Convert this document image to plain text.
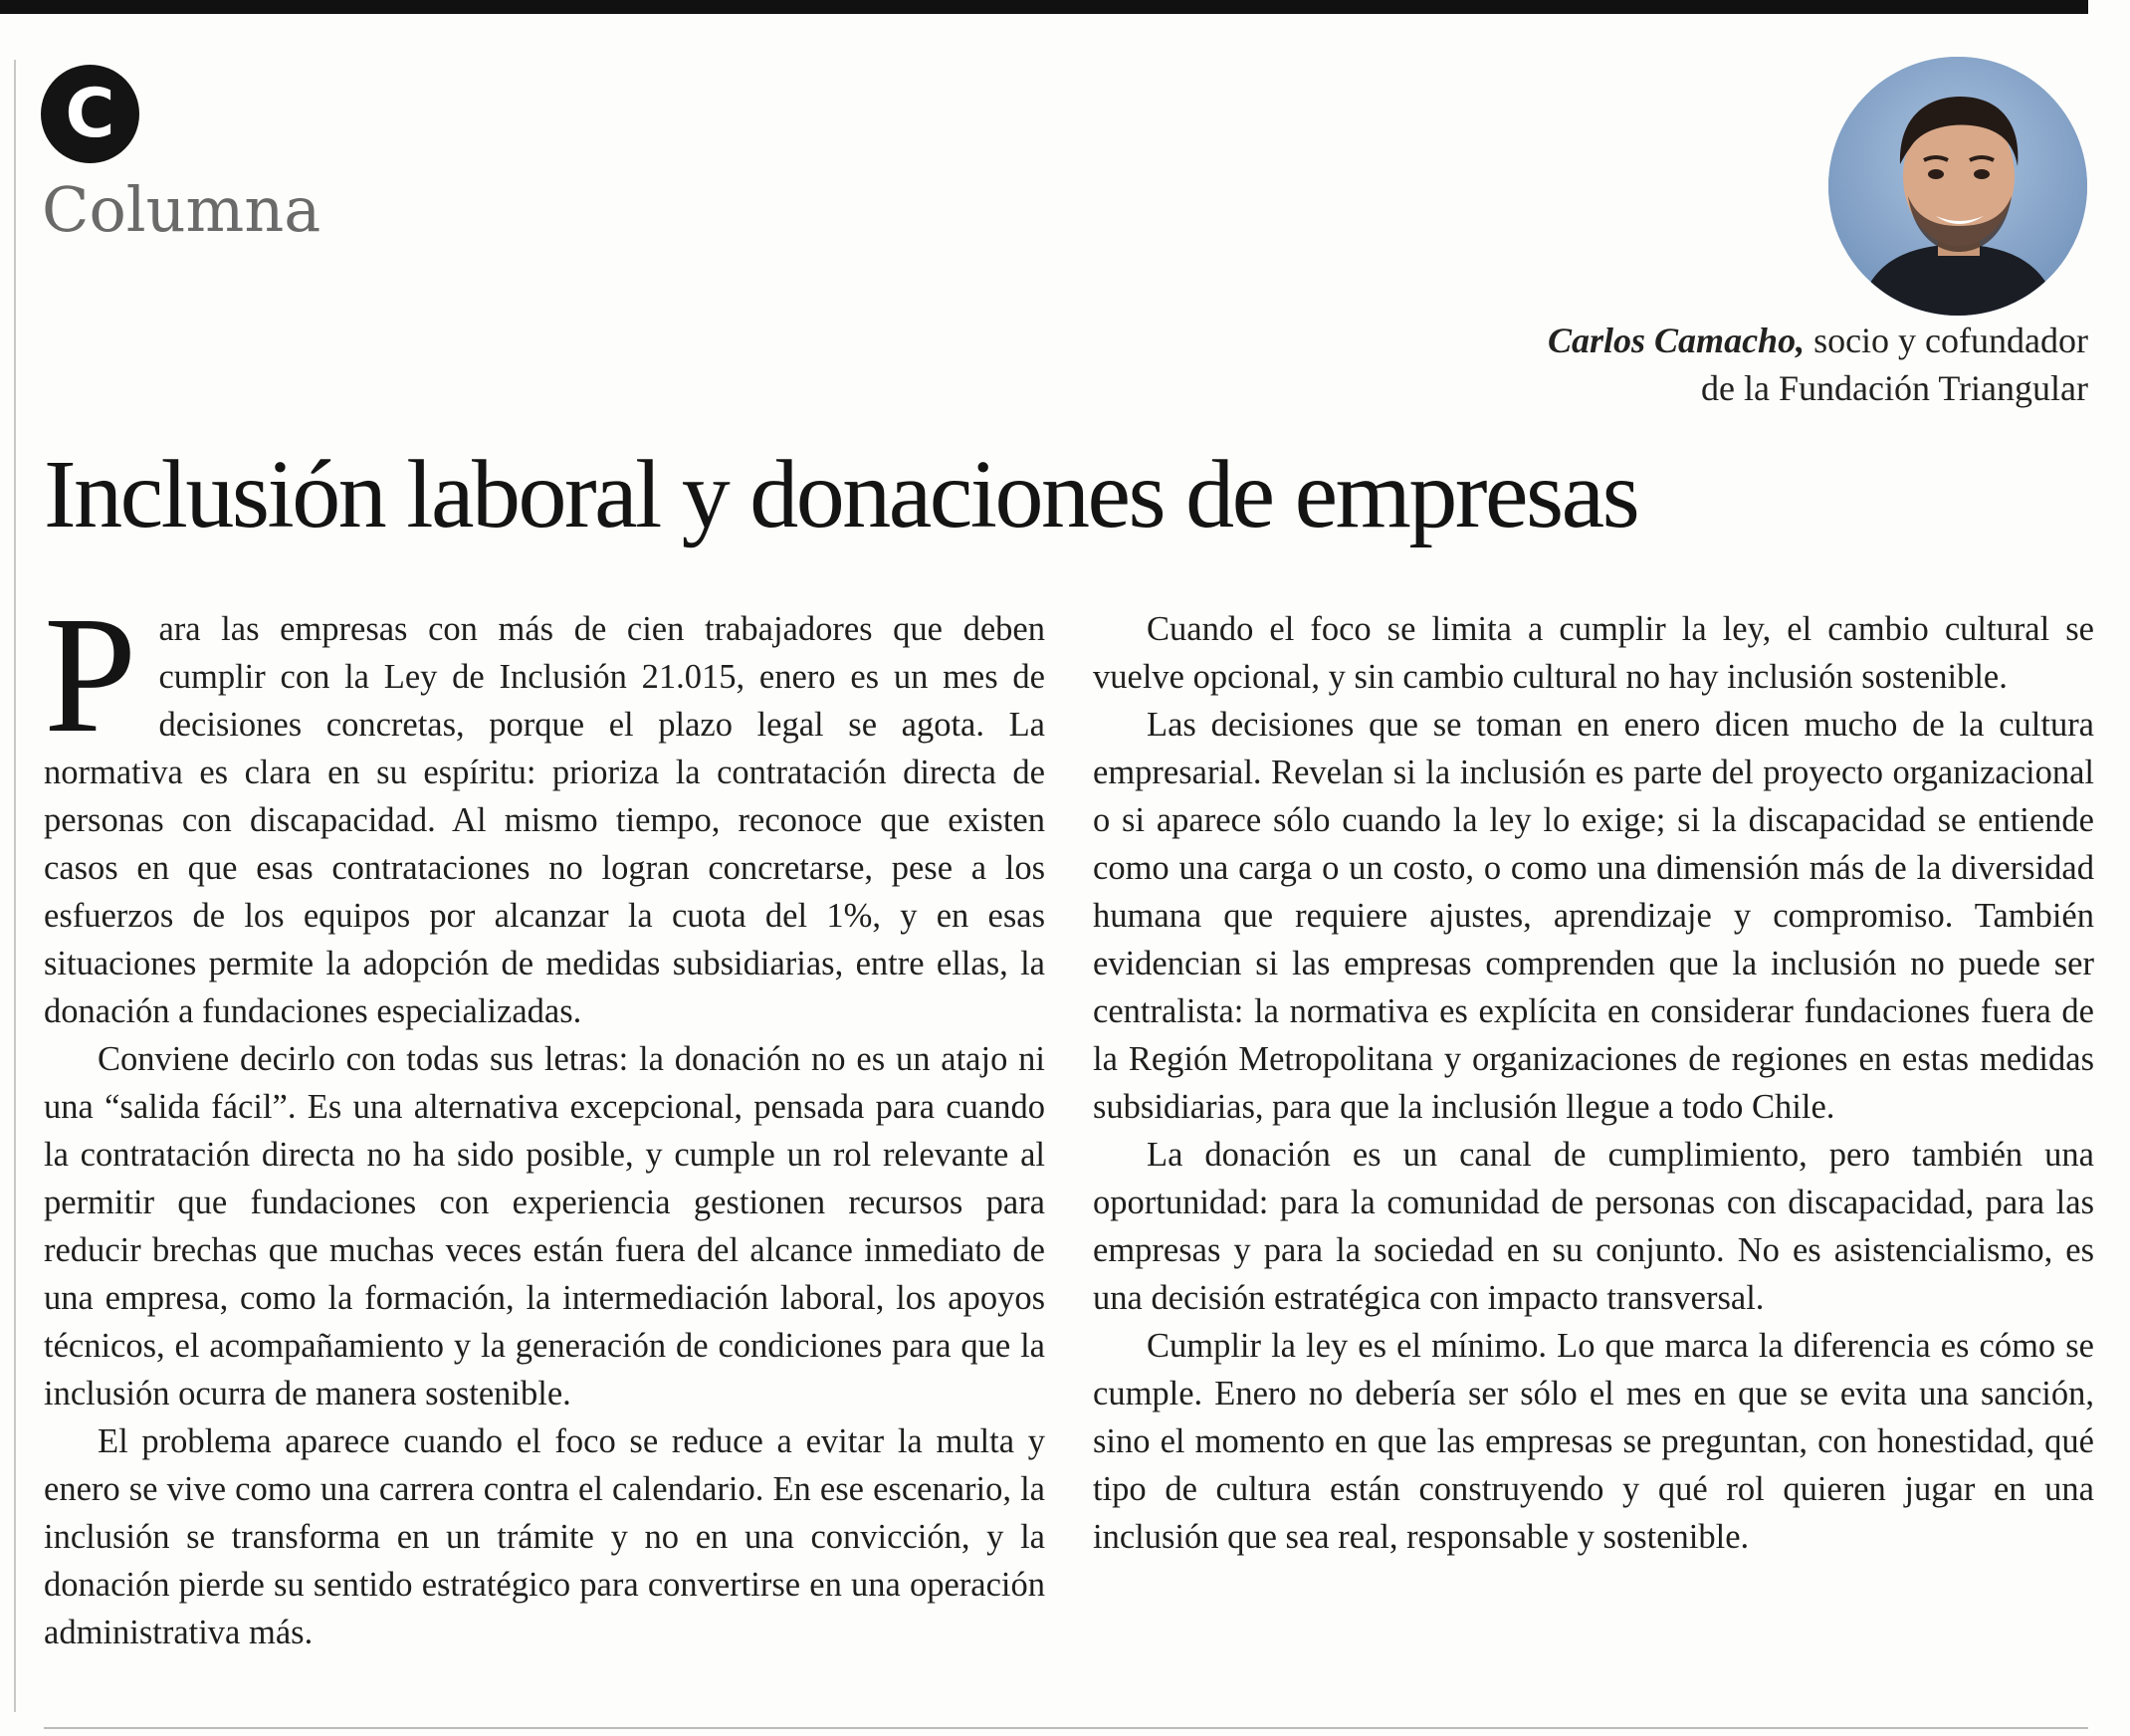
C
Columna
Carlos Camacho, socio y cofundador
de la Fundación Triangular
Inclusión laboral y donaciones de empresas

Para las empresas con más de cien trabajadores que deben cumplir con la Ley de Inclusión 21.015, enero es un mes de decisiones concretas, porque el plazo legal se agota. La normativa es clara en su espíritu: prioriza la contratación directa de personas con discapacidad. Al mismo tiempo, reconoce que existen casos en que esas contrataciones no logran concretarse, pese a los esfuerzos de los equipos por alcanzar la cuota del 1%, y en esas situaciones permite la adopción de medidas subsidiarias, entre ellas, la donación a fundaciones especializadas.

Conviene decirlo con todas sus letras: la donación no es un atajo ni una “salida fácil”. Es una alternativa excepcional, pensada para cuando la contratación directa no ha sido posible, y cumple un rol relevante al permitir que fundaciones con experiencia gestionen recursos para reducir brechas que muchas veces están fuera del alcance inmediato de una empresa, como la formación, la intermediación laboral, los apoyos técnicos, el acompañamiento y la generación de condiciones para que la inclusión ocurra de manera sostenible.

El problema aparece cuando el foco se reduce a evitar la multa y enero se vive como una carrera contra el calendario. En ese escenario, la inclusión se transforma en un trámite y no en una convicción, y la donación pierde su sentido estratégico para convertirse en una operación administrativa más.

Cuando el foco se limita a cumplir la ley, el cambio cultural se vuelve opcional, y sin cambio cultural no hay inclusión sostenible.

Las decisiones que se toman en enero dicen mucho de la cultura empresarial. Revelan si la inclusión es parte del proyecto organizacional o si aparece sólo cuando la ley lo exige; si la discapacidad se entiende como una carga o un costo, o como una dimensión más de la diversidad humana que requiere ajustes, aprendizaje y compromiso. También evidencian si las empresas comprenden que la inclusión no puede ser centralista: la normativa es explícita en considerar fundaciones fuera de la Región Metropolitana y organizaciones de regiones en estas medidas subsidiarias, para que la inclusión llegue a todo Chile.

La donación es un canal de cumplimiento, pero también una oportunidad: para la comunidad de personas con discapacidad, para las empresas y para la sociedad en su conjunto. No es asistencialismo, es una decisión estratégica con impacto transversal.

Cumplir la ley es el mínimo. Lo que marca la diferencia es cómo se cumple. Enero no debería ser sólo el mes en que se evita una sanción, sino el momento en que las empresas se preguntan, con honestidad, qué tipo de cultura están construyendo y qué rol quieren jugar en una inclusión que sea real, responsable y sostenible.
